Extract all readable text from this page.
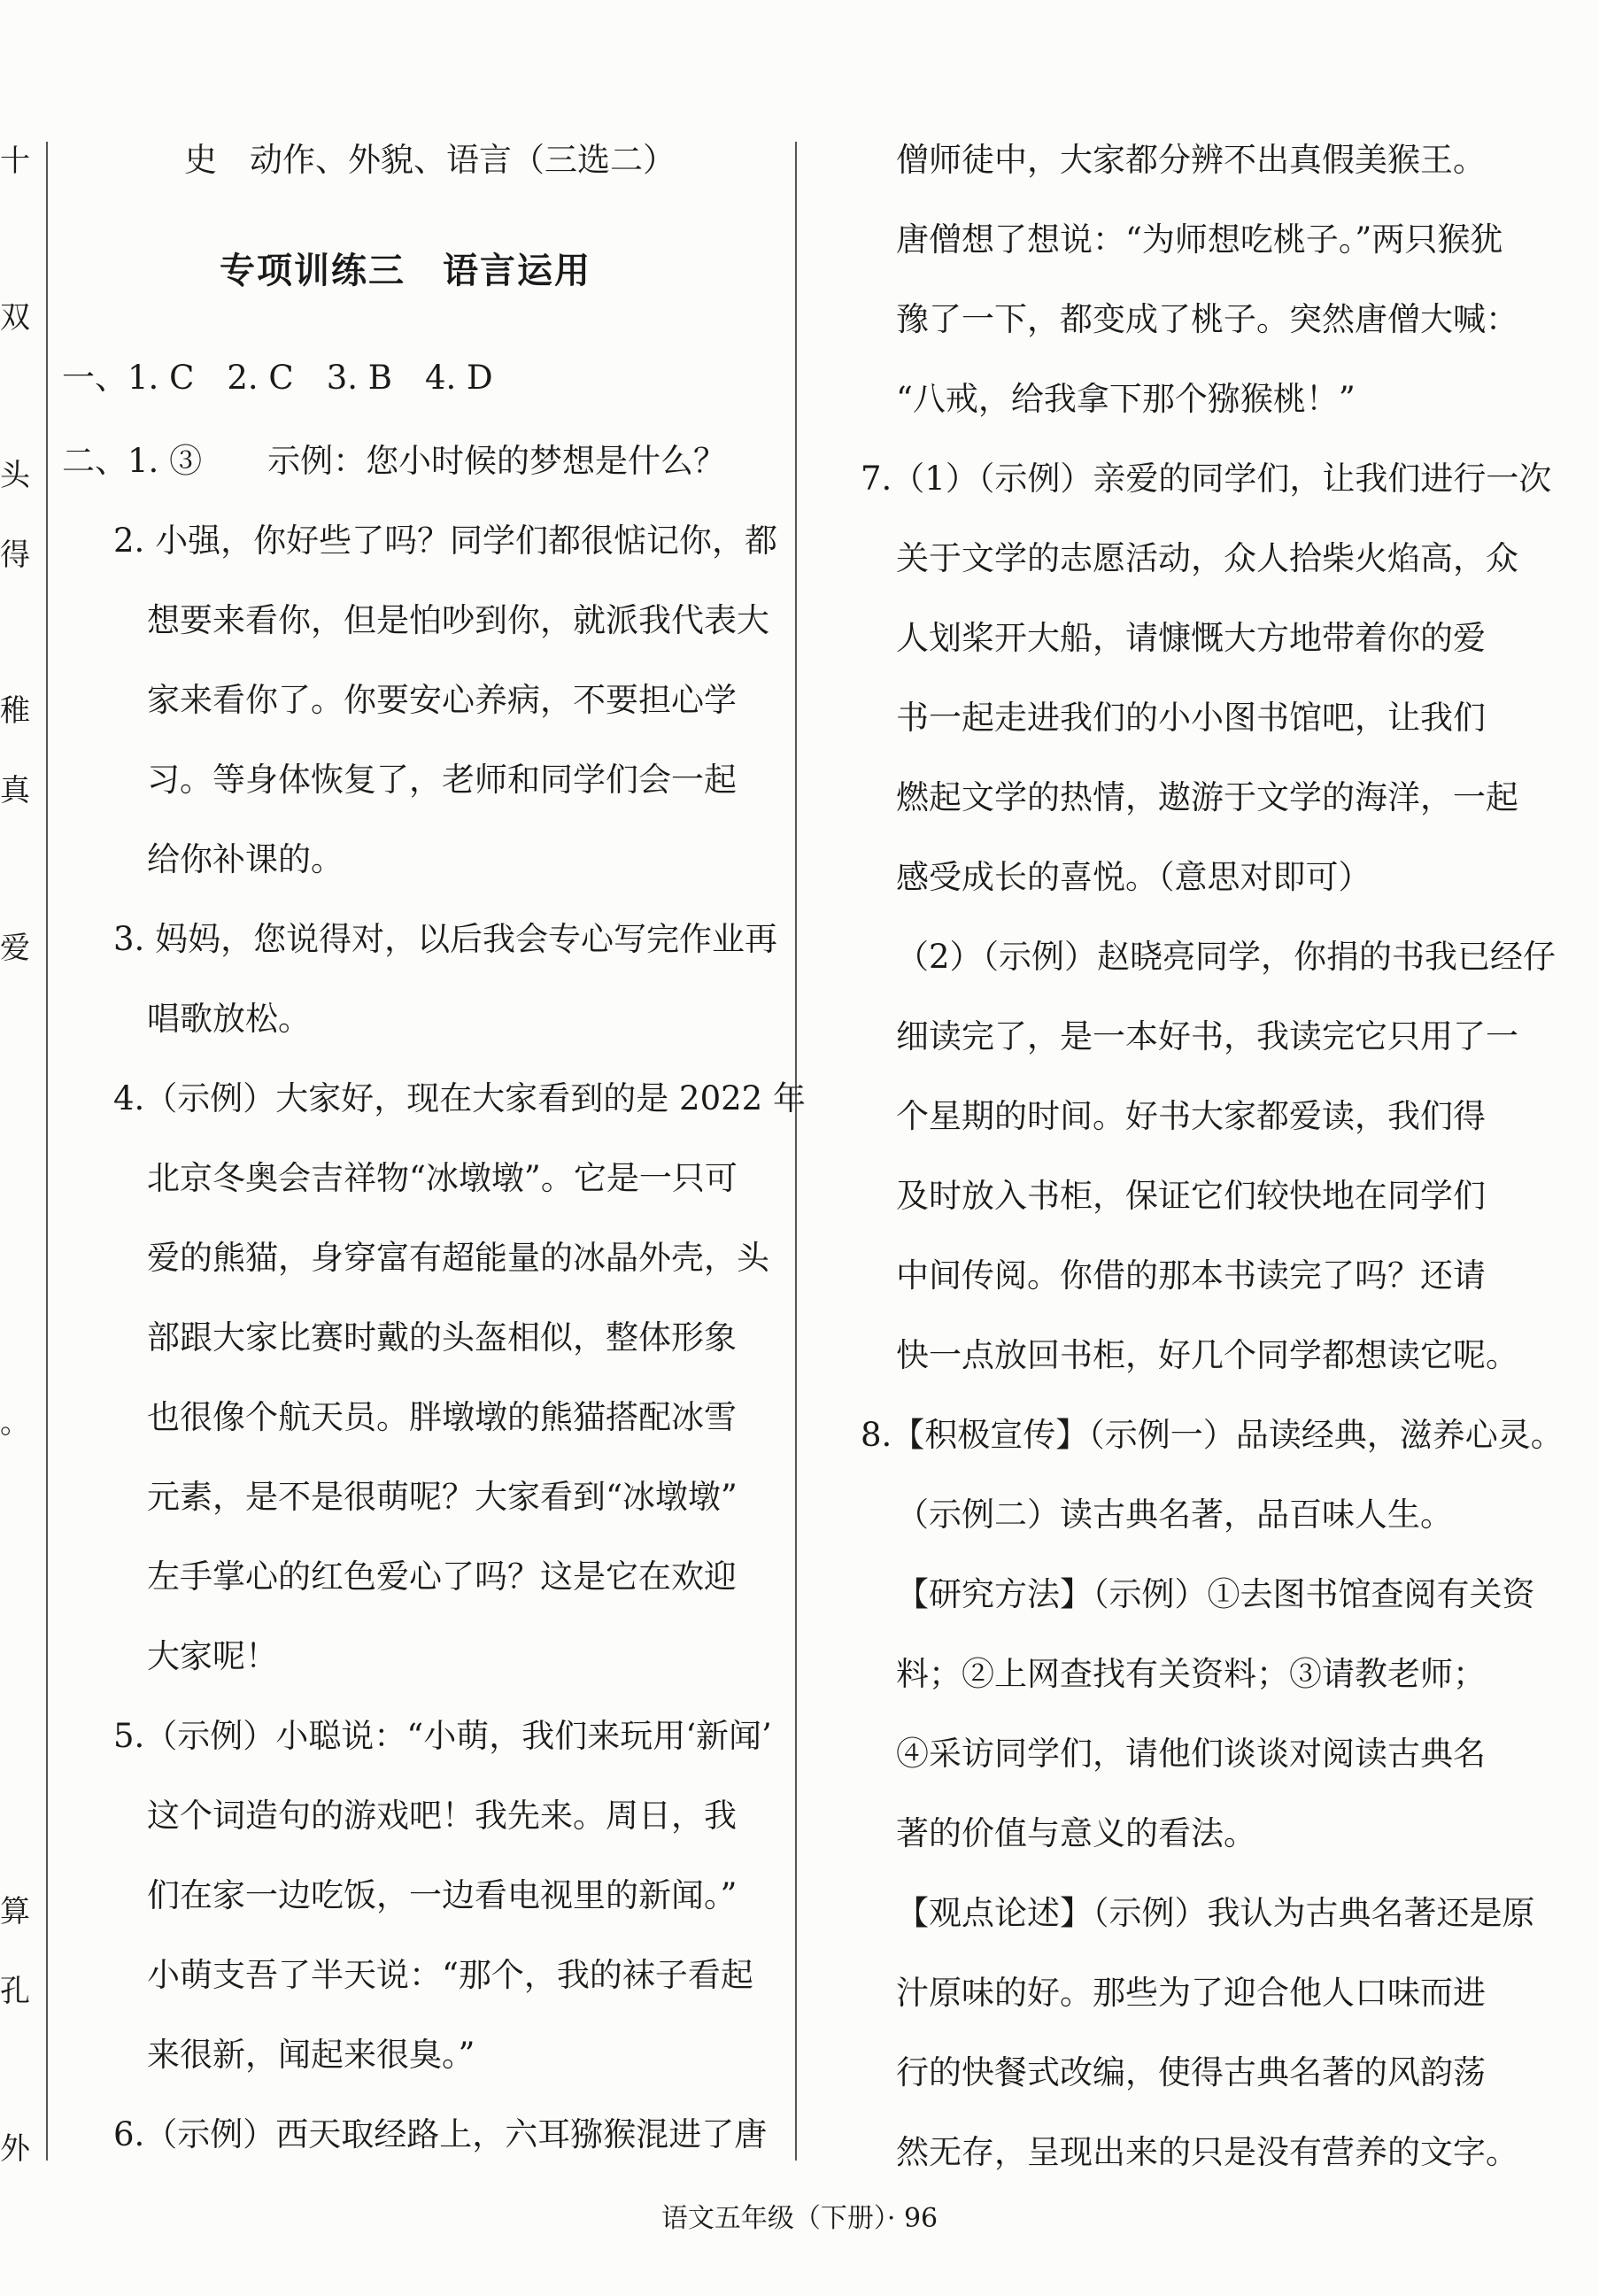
十
双
头
得
稚
真
爱
。
算
孔
外
史　动作、外貌、语言（三选二）
专项训练三　语言运用
一、1. C　2. C　3. B　4. D
二、1. ③　　示例：您小时候的梦想是什么？
2. 小强，你好些了吗？同学们都很惦记你，都
想要来看你，但是怕吵到你，就派我代表大
家来看你了。你要安心养病，不要担心学
习。等身体恢复了，老师和同学们会一起
给你补课的。
3. 妈妈，您说得对，以后我会专心写完作业再
唱歌放松。
4.（示例）大家好，现在大家看到的是 2022 年
北京冬奥会吉祥物“冰墩墩”。它是一只可
爱的熊猫，身穿富有超能量的冰晶外壳，头
部跟大家比赛时戴的头盔相似，整体形象
也很像个航天员。胖墩墩的熊猫搭配冰雪
元素，是不是很萌呢？大家看到“冰墩墩”
左手掌心的红色爱心了吗？这是它在欢迎
大家呢！
5.（示例）小聪说：“小萌，我们来玩用‘新闻’
这个词造句的游戏吧！我先来。周日，我
们在家一边吃饭，一边看电视里的新闻。”
小萌支吾了半天说：“那个，我的袜子看起
来很新，闻起来很臭。”
6.（示例）西天取经路上，六耳猕猴混进了唐
僧师徒中，大家都分辨不出真假美猴王。
唐僧想了想说：“为师想吃桃子。”两只猴犹
豫了一下，都变成了桃子。突然唐僧大喊：
“八戒，给我拿下那个猕猴桃！”
7.（1）（示例）亲爱的同学们，让我们进行一次
关于文学的志愿活动，众人拾柴火焰高，众
人划桨开大船，请慷慨大方地带着你的爱
书一起走进我们的小小图书馆吧，让我们
燃起文学的热情，遨游于文学的海洋，一起
感受成长的喜悦。（意思对即可）
（2）（示例）赵晓亮同学，你捐的书我已经仔
细读完了，是一本好书，我读完它只用了一
个星期的时间。好书大家都爱读，我们得
及时放入书柜，保证它们较快地在同学们
中间传阅。你借的那本书读完了吗？还请
快一点放回书柜，好几个同学都想读它呢。
8.【积极宣传】（示例一）品读经典，滋养心灵。
（示例二）读古典名著，品百味人生。
【研究方法】（示例）①去图书馆查阅有关资
料；②上网查找有关资料；③请教老师；
④采访同学们，请他们谈谈对阅读古典名
著的价值与意义的看法。
【观点论述】（示例）我认为古典名著还是原
汁原味的好。那些为了迎合他人口味而进
行的快餐式改编，使得古典名著的风韵荡
然无存，呈现出来的只是没有营养的文字。
语文五年级（下册）· 96
